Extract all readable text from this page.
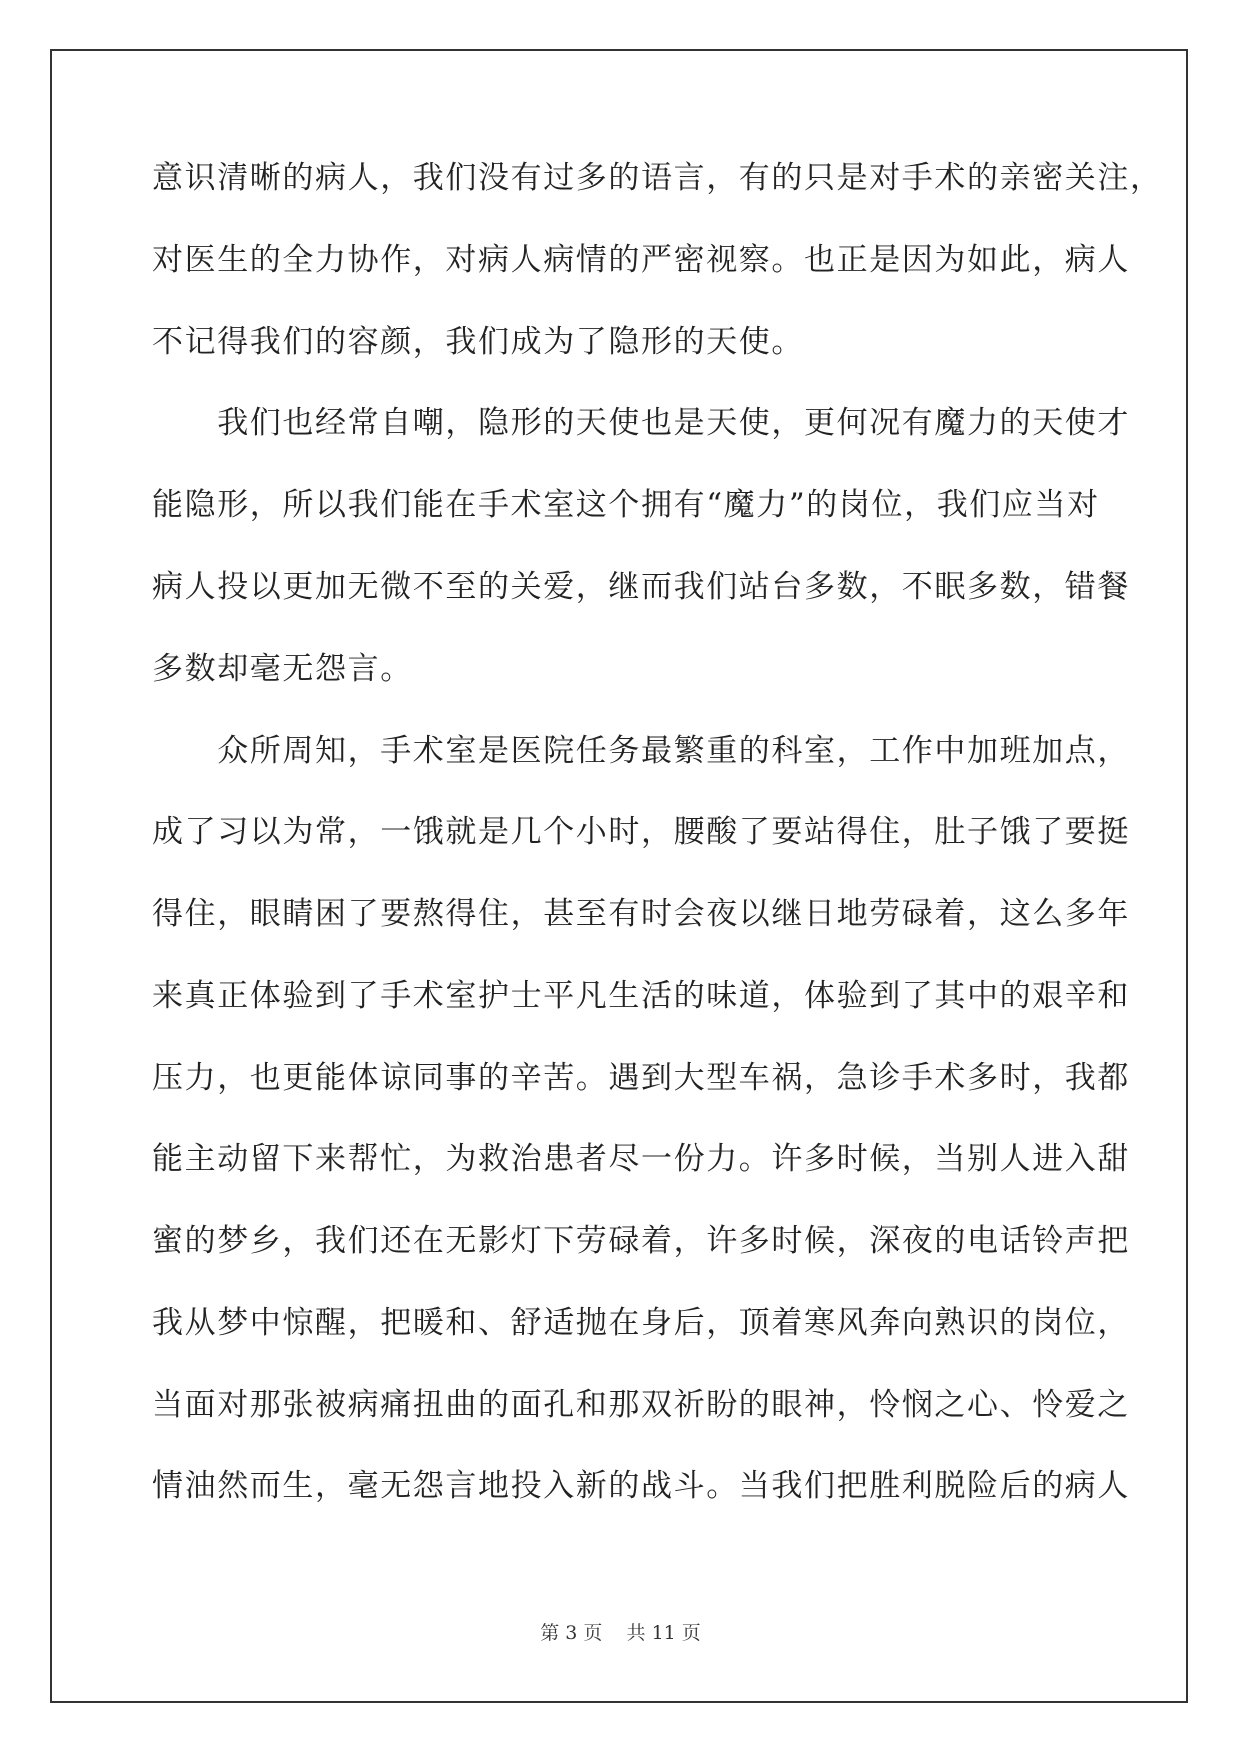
意识清晰的病人，我们没有过多的语言，有的只是对手术的亲密关注，
对医生的全力协作，对病人病情的严密视察。也正是因为如此，病人
不记得我们的容颜，我们成为了隐形的天使。
　　我们也经常自嘲，隐形的天使也是天使，更何况有魔力的天使才
能隐形，所以我们能在手术室这个拥有“魔力”的岗位，我们应当对
病人投以更加无微不至的关爱，继而我们站台多数，不眠多数，错餐
多数却毫无怨言。
　　众所周知，手术室是医院任务最繁重的科室，工作中加班加点，
成了习以为常，一饿就是几个小时，腰酸了要站得住，肚子饿了要挺
得住，眼睛困了要熬得住，甚至有时会夜以继日地劳碌着，这么多年
来真正体验到了手术室护士平凡生活的味道，体验到了其中的艰辛和
压力，也更能体谅同事的辛苦。遇到大型车祸，急诊手术多时，我都
能主动留下来帮忙，为救治患者尽一份力。许多时候，当别人进入甜
蜜的梦乡，我们还在无影灯下劳碌着，许多时候，深夜的电话铃声把
我从梦中惊醒，把暖和、舒适抛在身后，顶着寒风奔向熟识的岗位，
当面对那张被病痛扭曲的面孔和那双祈盼的眼神，怜悯之心、怜爱之
情油然而生，毫无怨言地投入新的战斗。当我们把胜利脱险后的病人
第 3 页 共 11 页
